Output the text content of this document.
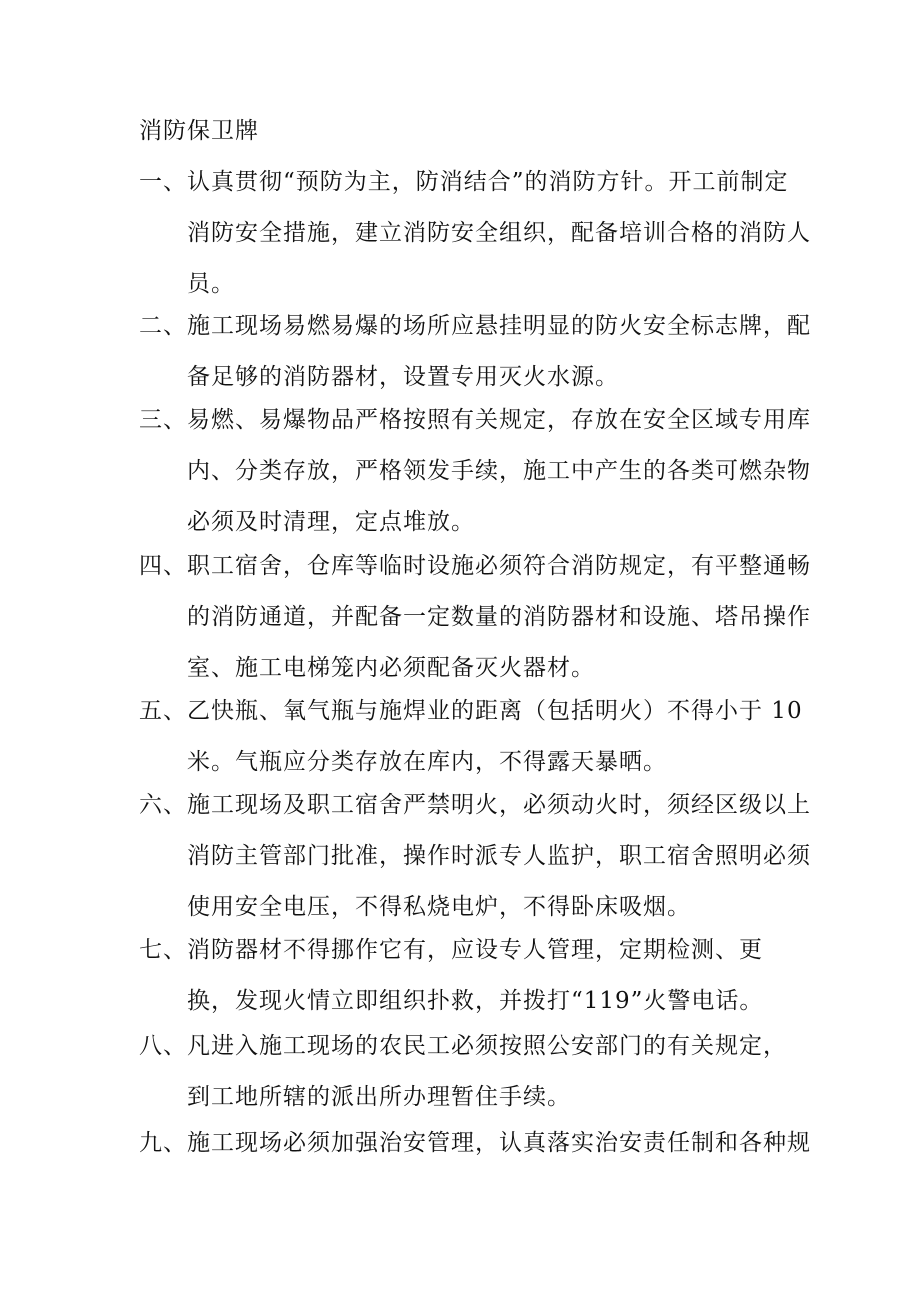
消防保卫牌
一、认真贯彻“预防为主，防消结合”的消防方针。开工前制定
消防安全措施，建立消防安全组织，配备培训合格的消防人
员。
二、施工现场易燃易爆的场所应悬挂明显的防火安全标志牌，配
备足够的消防器材，设置专用灭火水源。
三、易燃、易爆物品严格按照有关规定，存放在安全区域专用库
内、分类存放，严格领发手续，施工中产生的各类可燃杂物
必须及时清理，定点堆放。
四、职工宿舍，仓库等临时设施必须符合消防规定，有平整通畅
的消防通道，并配备一定数量的消防器材和设施、塔吊操作
室、施工电梯笼内必须配备灭火器材。
五、乙快瓶、氧气瓶与施焊业的距离（包括明火）不得小于 10
米。气瓶应分类存放在库内，不得露天暴晒。
六、施工现场及职工宿舍严禁明火，必须动火时，须经区级以上
消防主管部门批准，操作时派专人监护，职工宿舍照明必须
使用安全电压，不得私烧电炉，不得卧床吸烟。
七、消防器材不得挪作它有，应设专人管理，定期检测、更
换，发现火情立即组织扑救，并拨打“119”火警电话。
八、凡进入施工现场的农民工必须按照公安部门的有关规定，
到工地所辖的派出所办理暂住手续。
九、施工现场必须加强治安管理，认真落实治安责任制和各种规
